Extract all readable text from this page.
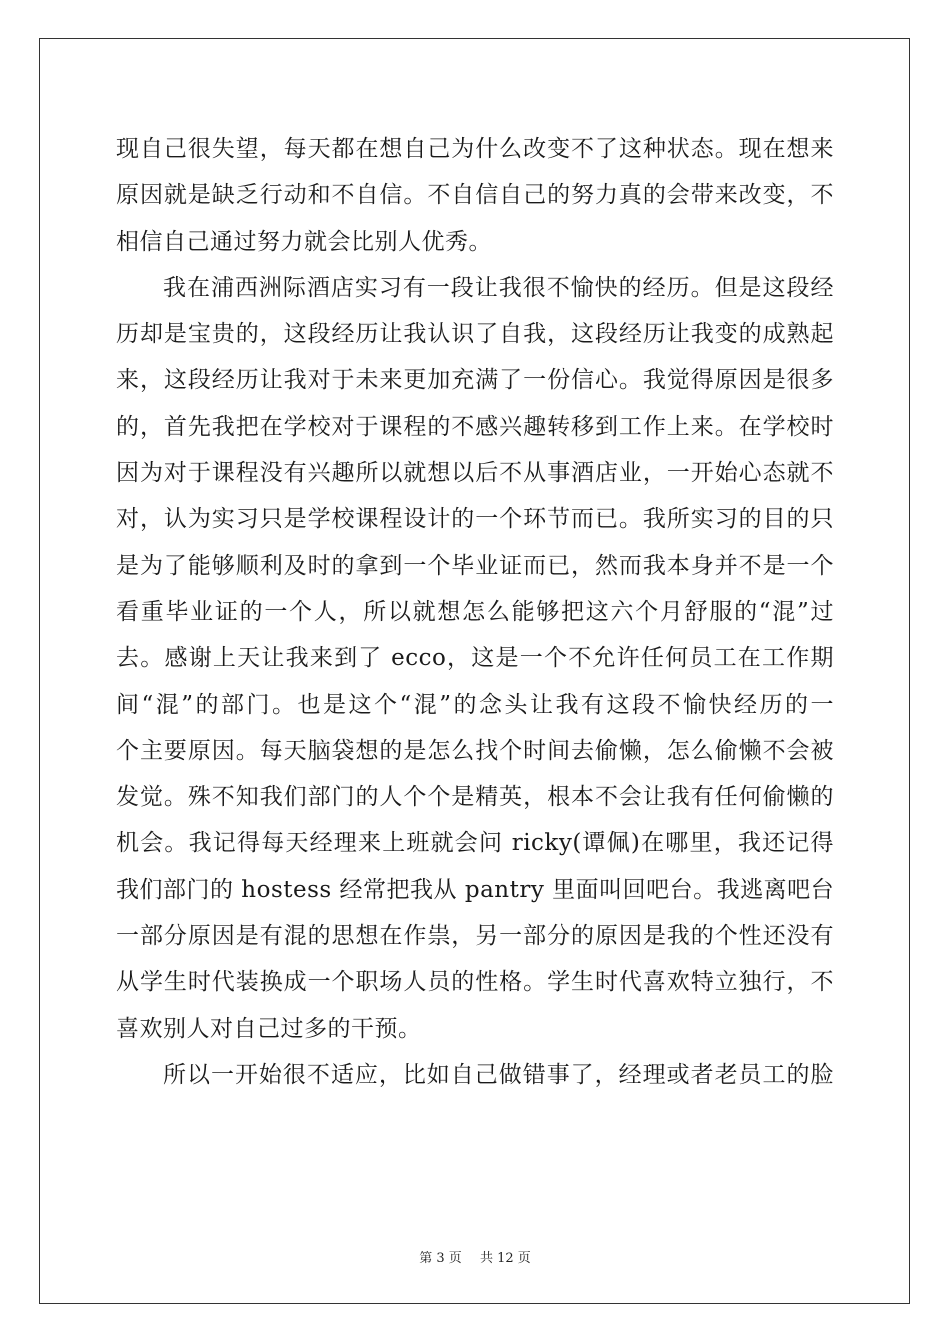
现自己很失望，每天都在想自己为什么改变不了这种状态。现在想来
原因就是缺乏行动和不自信。不自信自己的努力真的会带来改变，不
相信自己通过努力就会比别人优秀。
我在浦西洲际酒店实习有一段让我很不愉快的经历。但是这段经
历却是宝贵的，这段经历让我认识了自我，这段经历让我变的成熟起
来，这段经历让我对于未来更加充满了一份信心。我觉得原因是很多
的，首先我把在学校对于课程的不感兴趣转移到工作上来。在学校时
因为对于课程没有兴趣所以就想以后不从事酒店业，一开始心态就不
对，认为实习只是学校课程设计的一个环节而已。我所实习的目的只
是为了能够顺利及时的拿到一个毕业证而已，然而我本身并不是一个
看重毕业证的一个人，所以就想怎么能够把这六个月舒服的“混”过
去。感谢上天让我来到了 ecco，这是一个不允许任何员工在工作期
间“混”的部门。也是这个“混”的念头让我有这段不愉快经历的一
个主要原因。每天脑袋想的是怎么找个时间去偷懒，怎么偷懒不会被
发觉。殊不知我们部门的人个个是精英，根本不会让我有任何偷懒的
机会。我记得每天经理来上班就会问 ricky(谭佩)在哪里，我还记得
我们部门的 hostess 经常把我从 pantry 里面叫回吧台。我逃离吧台
一部分原因是有混的思想在作祟，另一部分的原因是我的个性还没有
从学生时代装换成一个职场人员的性格。学生时代喜欢特立独行，不
喜欢别人对自己过多的干预。
所以一开始很不适应，比如自己做错事了，经理或者老员工的脸
第 3 页 共 12 页
